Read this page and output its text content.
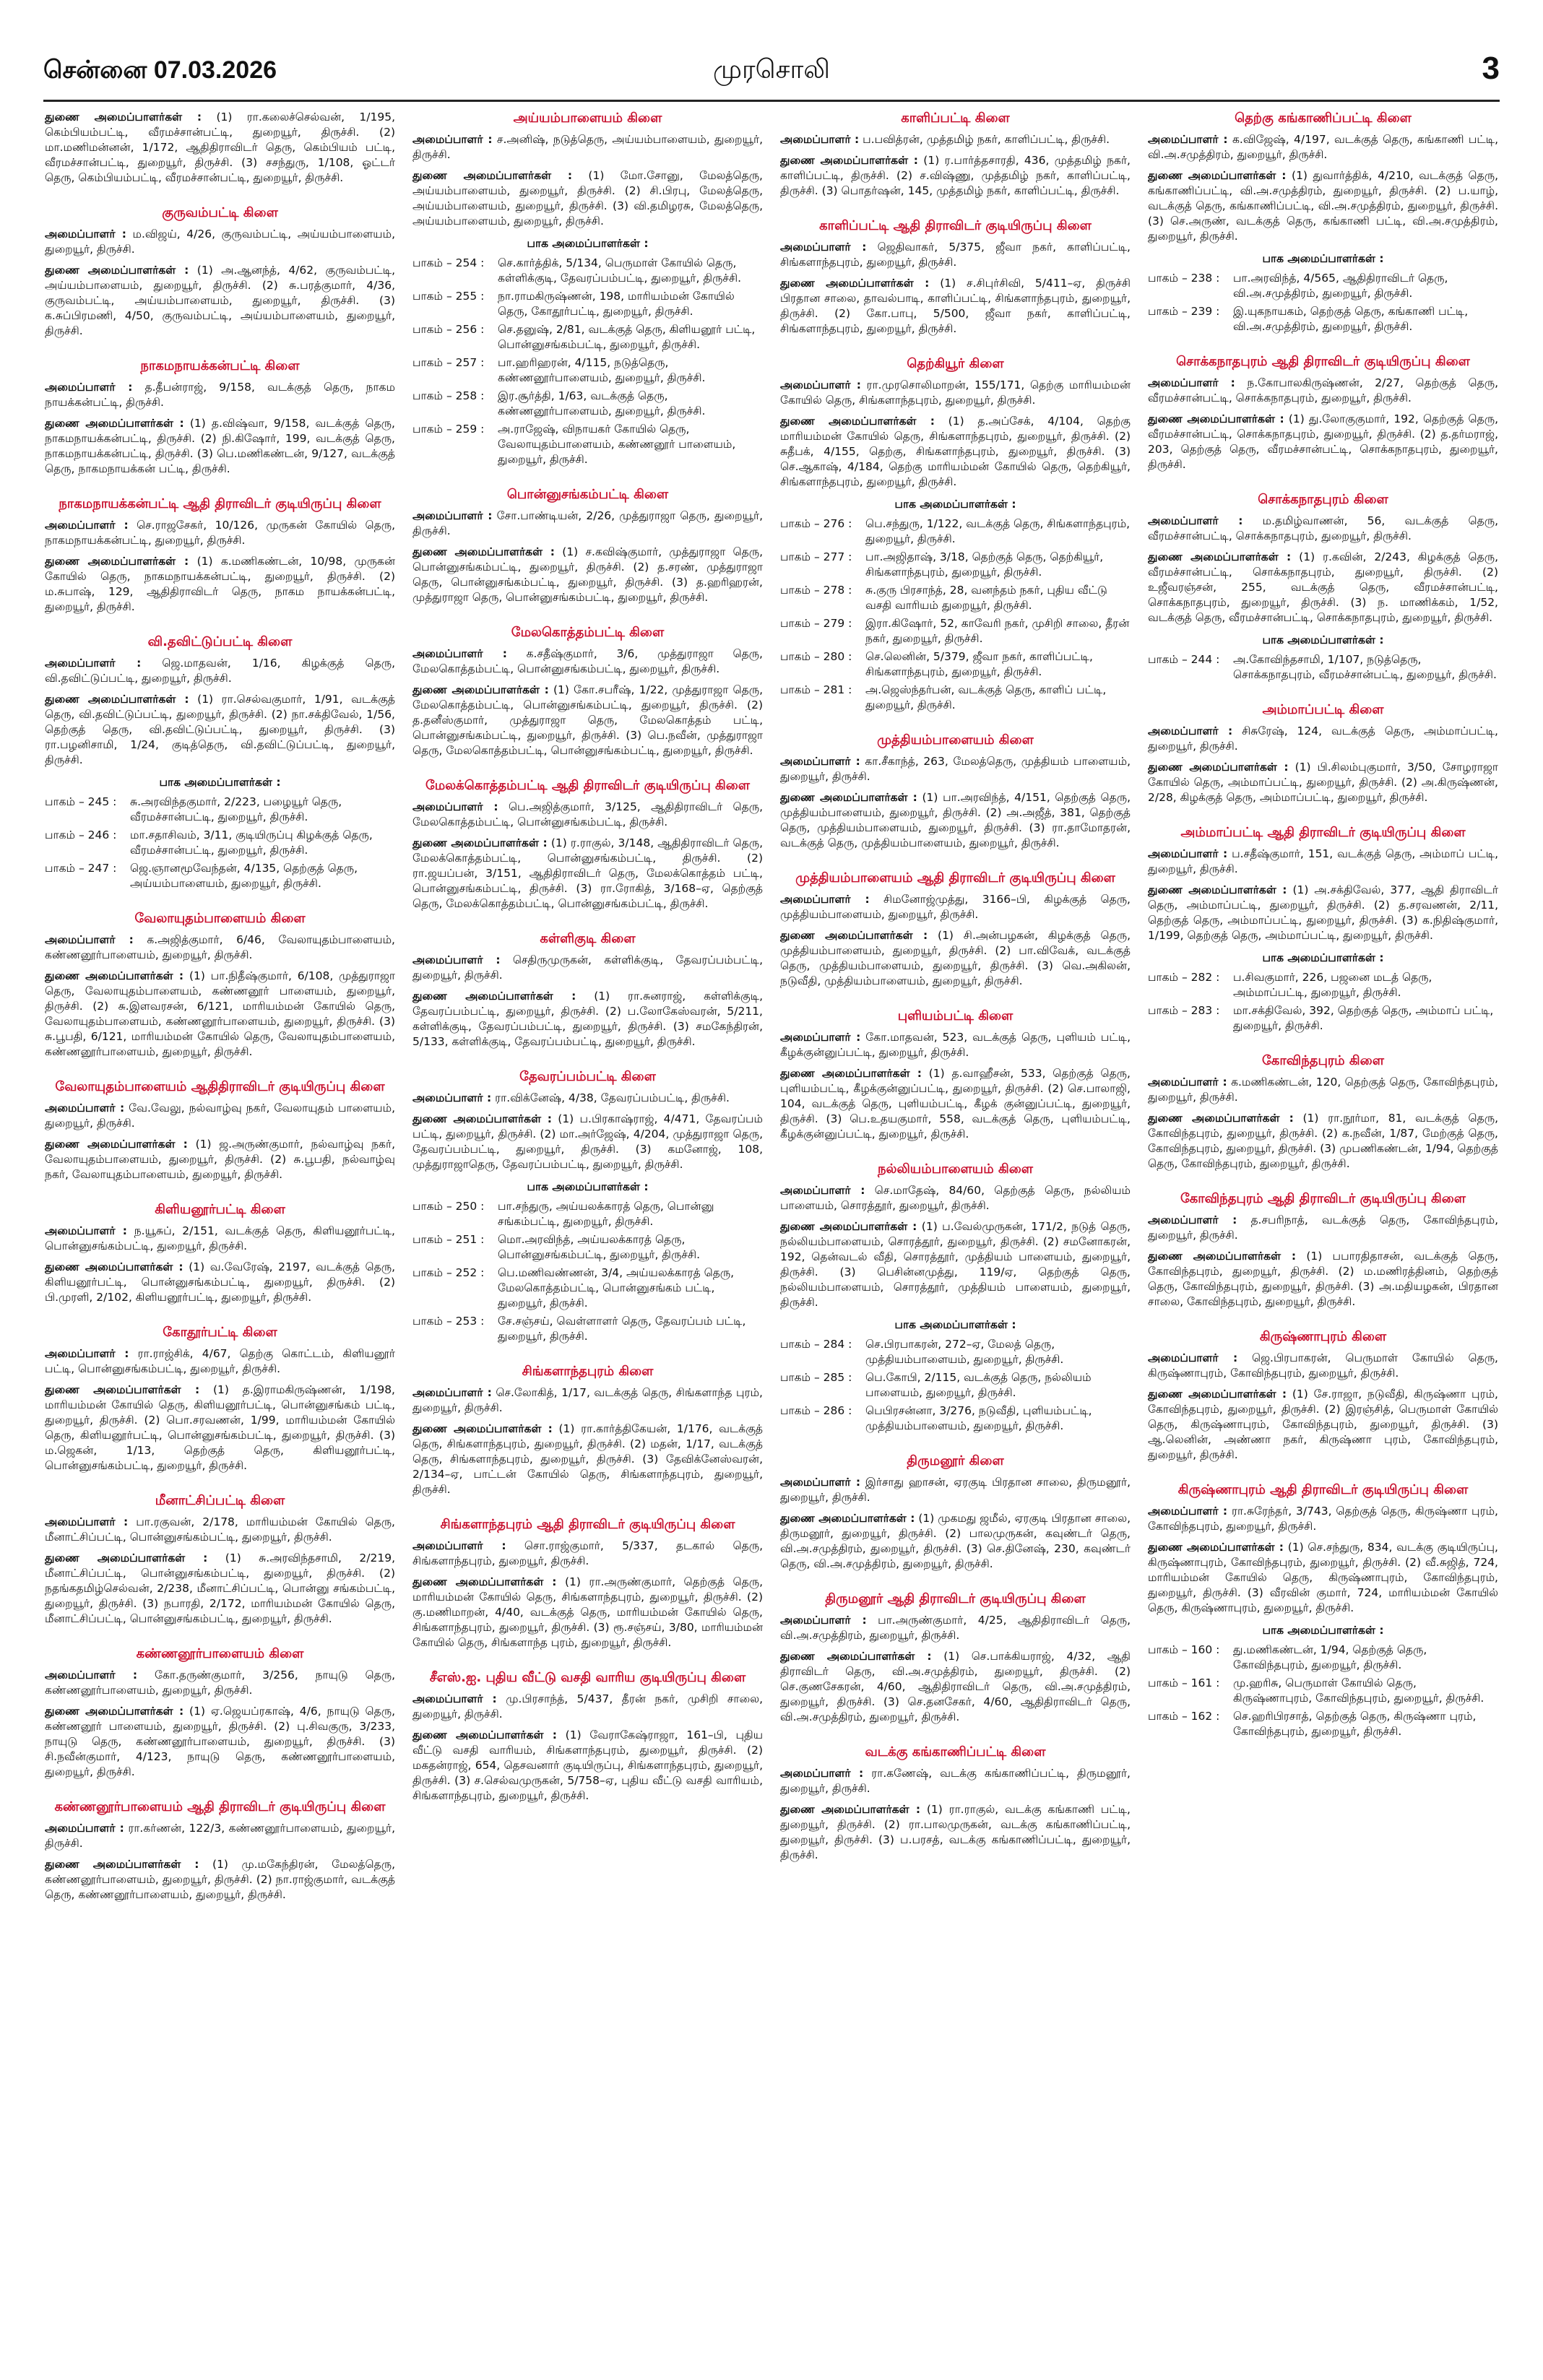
சென்னை 07.03.2026	முரசொலி	3

துணை அமைப்பாளர்கள் : (1) ரா.கலைச்செல்வன், 1/195, கெம்பியம்பட்டி, வீரமச்சான்பட்டி, துறையூர், திருச்சி. (2) மா.மணிமன்னன், 1/172, ஆதிதிராவிடர் தெரு, கெம்பியம் பட்டி, வீரமச்சான்பட்டி, துறையூர், திருச்சி. (3) சசந்துரு, 1/108, ஓட்டர் தெரு, கெம்பியம்பட்டி, வீரமச்சான்பட்டி, துறையூர், திருச்சி.

குருவம்பட்டி கிளை

அமைப்பாளர் : ம.விஜய், 4/26, குருவம்பட்டி, அய்யம்பாளையம், துறையூர், திருச்சி.

துணை அமைப்பாளர்கள் : (1) அ.ஆனந்த், 4/62, குருவம்பட்டி, அய்யம்பாளையம், துறையூர், திருச்சி. (2) சு.பரத்குமார், 4/36, குருவம்பட்டி, அய்யம்பாளையம், துறையூர், திருச்சி. (3) க.சுப்பிரமணி, 4/50, குருவம்பட்டி, அய்யம்பாளையம், துறையூர், திருச்சி.

நாகமநாயக்கன்பட்டி கிளை

அமைப்பாளர் : த.தீபன்ராஜ், 9/158, வடக்குத் தெரு, நாகம நாயக்கன்பட்டி, திருச்சி.

துணை அமைப்பாளர்கள் : (1) த.விஷ்வா, 9/158, வடக்குத் தெரு, நாகமநாயக்கன்பட்டி, திருச்சி. (2) நி.கிஷோர், 199, வடக்குத் தெரு, நாகமநாயக்கன்பட்டி, திருச்சி. (3) பெ.மணிகண்டன், 9/127, வடக்குத் தெரு, நாகமநாயக்கன் பட்டி, திருச்சி.

நாகமநாயக்கன்பட்டி ஆதி திராவிடர் குடியிருப்பு கிளை

அமைப்பாளர் : செ.ராஜசேகர், 10/126, முருகன் கோயில் தெரு, நாகமநாயக்கன்பட்டி, துறையூர், திருச்சி.

துணை அமைப்பாளர்கள் : (1) க.மணிகண்டன், 10/98, முருகன் கோயில் தெரு, நாகமநாயக்கன்பட்டி, துறையூர், திருச்சி. (2) ம.சுபாஷ், 129, ஆதிதிராவிடர் தெரு, நாகம நாயக்கன்பட்டி, துறையூர், திருச்சி.

வி.தவிட்டுப்பட்டி கிளை

அமைப்பாளர் : ஜெ.மாதவன், 1/16, கிழக்குத் தெரு, வி.தவிட்டுப்பட்டி, துறையூர், திருச்சி.

துணை அமைப்பாளர்கள் : (1) ரா.செல்வகுமார், 1/91, வடக்குத் தெரு, வி.தவிட்டுப்பட்டி, துறையூர், திருச்சி. (2) நா.சக்திவேல், 1/56, தெற்குத் தெரு, வி.தவிட்டுப்பட்டி, துறையூர், திருச்சி. (3) ரா.பழனிசாமி, 1/24, குடித்தெரு, வி.தவிட்டுப்பட்டி, துறையூர், திருச்சி.

பாக அமைப்பாளர்கள் :
பாகம் – 245 :	சு.அரவிந்தகுமார், 2/223, பழையூர் தெரு, வீரமச்சான்பட்டி, துறையூர், திருச்சி.
பாகம் – 246 :	மா.சதாசிவம், 3/11, குடியிருப்பு கிழக்குத் தெரு, வீரமச்சான்பட்டி, துறையூர், திருச்சி.
பாகம் – 247 :	ஜெ.ஞானமூவேந்தன், 4/135, தெற்குத் தெரு, அய்யம்பாளையம், துறையூர், திருச்சி.
வேலாயுதம்பாளையம் கிளை

அமைப்பாளர் : க.அஜித்குமார், 6/46, வேலாயுதம்பாளையம், கண்ணனூர்பாளையம், துறையூர், திருச்சி.

துணை அமைப்பாளர்கள் : (1) பா.நிதீஷ்குமார், 6/108, முத்துராஜா தெரு, வேலாயுதம்பாளையம், கண்ணனூர் பாளையம், துறையூர், திருச்சி. (2) சு.இளவரசன், 6/121, மாரியம்மன் கோயில் தெரு, வேலாயுதம்பாளையம், கண்ணனூர்பாளையம், துறையூர், திருச்சி. (3) சு.பூபதி, 6/121, மாரியம்மன் கோயில் தெரு, வேலாயுதம்பாளையம், கண்ணனூர்பாளையம், துறையூர், திருச்சி.

வேலாயுதம்பாளையம் ஆதிதிராவிடர் குடியிருப்பு கிளை

அமைப்பாளர் : வே.வேலு, நல்வாழ்வு நகர், வேலாயுதம் பாளையம், துறையூர், திருச்சி.

துணை அமைப்பாளர்கள் : (1) ஜ.அருண்குமார், நல்வாழ்வு நகர், வேலாயுதம்பாளையம், துறையூர், திருச்சி. (2) சு.பூபதி, நல்வாழ்வு நகர், வேலாயுதம்பாளையம், துறையூர், திருச்சி.

கிளியனூர்பட்டி கிளை

அமைப்பாளர் : ந.யூசுப், 2/151, வடக்குத் தெரு, கிளியனூர்பட்டி, பொன்னுசங்கம்பட்டி, துறையூர், திருச்சி.

துணை அமைப்பாளர்கள் : (1) வ.வேரேஷ், 2197, வடக்குத் தெரு, கிளியனூர்பட்டி, பொன்னுசங்கம்பட்டி, துறையூர், திருச்சி. (2) பி.முரளி, 2/102, கிளியனூர்பட்டி, துறையூர், திருச்சி.

கோதூர்பட்டி கிளை

அமைப்பாளர் : ரா.ராஜ்சிக், 4/67, தெற்கு கொட்டம், கிளியனூர் பட்டி, பொன்னுசங்கம்பட்டி, துறையூர், திருச்சி.

துணை அமைப்பாளர்கள் : (1) த.இராமகிருஷ்ணன், 1/198, மாரியம்மன் கோயில் தெரு, கிளியனூர்பட்டி, பொன்னுசங்கம் பட்டி, துறையூர், திருச்சி. (2) பொ.சரவணன், 1/99, மாரியம்மன் கோயில் தெரு, கிளியனூர்பட்டி, பொன்னுசங்கம்பட்டி, துறையூர், திருச்சி. (3) ம.ஜெகன், 1/13, தெற்குத் தெரு, கிளியனூர்பட்டி, பொன்னுசங்கம்பட்டி, துறையூர், திருச்சி.

மீனாட்சிப்பட்டி கிளை

அமைப்பாளர் : பா.ரகுவன், 2/178, மாரியம்மன் கோயில் தெரு, மீனாட்சிப்பட்டி, பொன்னுசங்கம்பட்டி, துறையூர், திருச்சி.

துணை அமைப்பாளர்கள் : (1) சு.அரவிந்தசாமி, 2/219, மீனாட்சிப்பட்டி, பொன்னுசங்கம்பட்டி, துறையூர், திருச்சி. (2) நதங்கதமிழ்செல்வன், 2/238, மீனாட்சிப்பட்டி, பொன்னு சங்கம்பட்டி, துறையூர், திருச்சி. (3) நபாரதி, 2/172, மாரியம்மன் கோயில் தெரு, மீனாட்சிப்பட்டி, பொன்னுசங்கம்பட்டி, துறையூர், திருச்சி.

கண்ணனூர்பாளையம் கிளை

அமைப்பாளர் : கோ.தருண்குமார், 3/256, நாயுடு தெரு, கண்ணனூர்பாளையம், துறையூர், திருச்சி.

துணை அமைப்பாளர்கள் : (1) ஏ.ஜெயப்ரகாஷ், 4/6, நாயுடு தெரு, கண்ணனூர் பாளையம், துறையூர், திருச்சி. (2) பு.சிவகுரு, 3/233, நாயுடு தெரு, கண்ணனூர்பாளையம், துறையூர், திருச்சி. (3) சி.நவீன்குமார், 4/123, நாயுடு தெரு, கண்ணனூர்பாளையம், துறையூர், திருச்சி.

கண்ணனூர்பாளையம் ஆதி திராவிடர் குடியிருப்பு கிளை

அமைப்பாளர் : ரா.கர்ணன், 122/3, கண்ணனூர்பாளையம், துறையூர், திருச்சி.

துணை அமைப்பாளர்கள் : (1) மு.மகேந்திரன், மேலத்தெரு, கண்ணனூர்பாளையம், துறையூர், திருச்சி. (2) நா.ராஜ்குமார், வடக்குத் தெரு, கண்ணனூர்பாளையம், துறையூர், திருச்சி.

அய்யம்பாளையம் கிளை

அமைப்பாளர் : ச.அனிஷ், நடுத்தெரு, அய்யம்பாளையம், துறையூர், திருச்சி.

துணை அமைப்பாளர்கள் : (1) மோ.சோனு, மேலத்தெரு, அய்யம்பாளையம், துறையூர், திருச்சி. (2) சி.பிரபு, மேலத்தெரு, அய்யம்பாளையம், துறையூர், திருச்சி. (3) வி.தமிழரசு, மேலத்தெரு, அய்யம்பாளையம், துறையூர், திருச்சி.

பாக அமைப்பாளர்கள் :
பாகம் – 254 :	செ.கார்த்திக், 5/134, பெருமாள் கோயில் தெரு, கள்ளிக்குடி, தேவரப்பம்பட்டி, துறையூர், திருச்சி.
பாகம் – 255 :	நா.ராமகிருஷ்ணன், 198, மாரியம்மன் கோயில் தெரு, கோதூர்பட்டி, துறையூர், திருச்சி.
பாகம் – 256 :	செ.தனுஷ், 2/81, வடக்குத் தெரு, கிளியனூர் பட்டி, பொன்னுசங்கம்பட்டி, துறையூர், திருச்சி.
பாகம் – 257 :	பா.ஹரிஹரன், 4/115, நடுத்தெரு, கண்ணனூர்பாளையம், துறையூர், திருச்சி.
பாகம் – 258 :	இர.சூர்த்தி, 1/63, வடக்குத் தெரு, கண்ணனூர்பாளையம், துறையூர், திருச்சி.
பாகம் – 259 :	அ.ராஜேஷ், விநாயகர் கோயில் தெரு, வேலாயுதம்பாளையம், கண்ணனூர் பாளையம், துறையூர், திருச்சி.
பொன்னுசங்கம்பட்டி கிளை

அமைப்பாளர் : சோ.பாண்டியன், 2/26, முத்துராஜா தெரு, துறையூர், திருச்சி.

துணை அமைப்பாளர்கள் : (1) ச.கவிஷ்குமார், முத்துராஜா தெரு, பொன்னுசங்கம்பட்டி, துறையூர், திருச்சி. (2) த.சரண், முத்துராஜா தெரு, பொன்னுசங்கம்பட்டி, துறையூர், திருச்சி. (3) த.ஹரிஹரன், முத்துராஜா தெரு, பொன்னுசங்கம்பட்டி, துறையூர், திருச்சி.

மேலகொத்தம்பட்டி கிளை

அமைப்பாளர் : க.சதீஷ்குமார், 3/6, முத்துராஜா தெரு, மேலகொத்தம்பட்டி, பொன்னுசங்கம்பட்டி, துறையூர், திருச்சி.

துணை அமைப்பாளர்கள் : (1) கோ.சபரீஷ், 1/22, முத்துராஜா தெரு, மேலகொத்தம்பட்டி, பொன்னுசங்கம்பட்டி, துறையூர், திருச்சி. (2) த.தனீஸ்குமார், முத்துராஜா தெரு, மேலகொத்தம் பட்டி, பொன்னுசங்கம்பட்டி, துறையூர், திருச்சி. (3) பெ.நவீன், முத்துராஜா தெரு, மேலகொத்தம்பட்டி, பொன்னுசங்கம்பட்டி, துறையூர், திருச்சி.

மேலக்கொத்தம்பட்டி ஆதி திராவிடர் குடியிருப்பு கிளை

அமைப்பாளர் : பெ.அஜித்குமார், 3/125, ஆதிதிராவிடர் தெரு, மேலகொத்தம்பட்டி, பொன்னுசங்கம்பட்டி, திருச்சி.

துணை அமைப்பாளர்கள் : (1) ர.ராகுல், 3/148, ஆதிதிராவிடர் தெரு, மேலக்கொத்தம்பட்டி, பொன்னுசங்கம்பட்டி, திருச்சி. (2) ரா.ஜயப்பன், 3/151, ஆதிதிராவிடர் தெரு, மேலக்கொத்தம் பட்டி, பொன்னுசங்கம்பட்டி, திருச்சி. (3) ரா.ரோகித், 3/168–ஏ, தெற்குத் தெரு, மேலக்கொத்தம்பட்டி, பொன்னுசங்கம்பட்டி, திருச்சி.

கள்ளிகுடி கிளை

அமைப்பாளர் : செதிருமுருகன், கள்ளிக்குடி, தேவரப்பம்பட்டி, துறையூர், திருச்சி.

துணை அமைப்பாளர்கள் : (1) ரா.சுனராஜ், கள்ளிக்குடி, தேவரப்பம்பட்டி, துறையூர், திருச்சி. (2) ப.லோகேஸ்வரன், 5/211, கள்ளிக்குடி, தேவரப்பம்பட்டி, துறையூர், திருச்சி. (3) சமகேந்திரன், 5/133, கள்ளிக்குடி, தேவரப்பம்பட்டி, துறையூர், திருச்சி.

தேவரப்பம்பட்டி கிளை

அமைப்பாளர் : ரா.விக்னேஷ், 4/38, தேவரப்பம்பட்டி, திருச்சி.

துணை அமைப்பாளர்கள் : (1) ப.பிரகாஷ்ராஜ், 4/471, தேவரப்பம் பட்டி, துறையூர், திருச்சி. (2) மா.அர்ஜேஷ், 4/204, முத்துராஜா தெரு, தேவரப்பம்பட்டி, துறையூர், திருச்சி. (3) கமனோஜ், 108, முத்துராஜாதெரு, தேவரப்பம்பட்டி, துறையூர், திருச்சி.

பாக அமைப்பாளர்கள் :
பாகம் – 250 :	பா.சந்துரு, அய்யலக்காரத் தெரு, பொன்னு சங்கம்பட்டி, துறையூர், திருச்சி.
பாகம் – 251 :	மொ.அரவிந்த், அய்யலக்காரத் தெரு, பொன்னுசங்கம்பட்டி, துறையூர், திருச்சி.
பாகம் – 252 :	பெ.மணிவண்ணன், 3/4, அய்யலக்காரத் தெரு, மேலகொத்தம்பட்டி, பொன்னுசங்கம் பட்டி, துறையூர், திருச்சி.
பாகம் – 253 :	சே.சஞ்சய், வெள்ளாளர் தெரு, தேவரப்பம் பட்டி, துறையூர், திருச்சி.
சிங்களாந்தபுரம் கிளை

அமைப்பாளர் : செ.லோகித், 1/17, வடக்குத் தெரு, சிங்களாந்த புரம், துறையூர், திருச்சி.

துணை அமைப்பாளர்கள் : (1) ரா.கார்த்திகேயன், 1/176, வடக்குத் தெரு, சிங்களாந்தபுரம், துறையூர், திருச்சி. (2) மதன், 1/17, வடக்குத் தெரு, சிங்களாந்தபுரம், துறையூர், திருச்சி. (3) தேவிக்னேஸ்வரன், 2/134–ஏ, பாட்டன் கோயில் தெரு, சிங்களாந்தபுரம், துறையூர், திருச்சி.

சிங்களாந்தபுரம் ஆதி திராவிடர் குடியிருப்பு கிளை

அமைப்பாளர் : சொ.ராஜ்குமார், 5/337, தடகால் தெரு, சிங்களாந்தபுரம், துறையூர், திருச்சி.

துணை அமைப்பாளர்கள் : (1) ரா.அருண்குமார், தெற்குத் தெரு, மாரியம்மன் கோயில் தெரு, சிங்களாந்தபுரம், துறையூர், திருச்சி. (2) கு.மணிமாறன், 4/40, வடக்குத் தெரு, மாரியம்மன் கோயில் தெரு, சிங்களாந்தபுரம், துறையூர், திருச்சி. (3) ரூ.சஞ்சய், 3/80, மாரியம்மன் கோயில் தெரு, சிங்களாந்த புரம், துறையூர், திருச்சி.

சீஎஸ்.ஐ. புதிய வீட்டு வசதி வாரிய குடியிருப்பு கிளை

அமைப்பாளர் : மு.பிரசாந்த், 5/437, தீரன் நகர், முசிறி சாலை, துறையூர், திருச்சி.

துணை அமைப்பாளர்கள் : (1) வேராகேஷ்ராஜா, 161–பி, புதிய வீட்டு வசதி வாரியம், சிங்களாந்தபுரம், துறையூர், திருச்சி. (2) மகதன்ராஜ், 654, தெசவனார் குடியிருப்பு, சிங்களாந்தபுரம், துறையூர், திருச்சி. (3) ச.செல்வமுருகன், 5/758–ஏ, புதிய வீட்டு வசதி வாரியம், சிங்களாந்தபுரம், துறையூர், திருச்சி.

காளிப்பட்டி கிளை

அமைப்பாளர் : ப.பவித்ரன், முத்தமிழ் நகர், காளிப்பட்டி, திருச்சி.

துணை அமைப்பாளர்கள் : (1) ர.பார்த்தசாரதி, 436, முத்தமிழ் நகர், காளிப்பட்டி, திருச்சி. (2) ச.விஷ்ணு, முத்தமிழ் நகர், காளிப்பட்டி, திருச்சி. (3) பொதர்ஷன், 145, முத்தமிழ் நகர், காளிப்பட்டி, திருச்சி.

காளிப்பட்டி ஆதி திராவிடர் குடியிருப்பு கிளை

அமைப்பாளர் : ஜெதிவாகர், 5/375, ஜீவா நகர், காளிப்பட்டி, சிங்களாந்தபுரம், துறையூர், திருச்சி.

துணை அமைப்பாளர்கள் : (1) ச.சிபுர்சிவி, 5/411–ஏ, திருச்சி பிரதான சாலை, தாவல்பாடி, காளிப்பட்டி, சிங்களாந்தபுரம், துறையூர், திருச்சி. (2) கோ.பாபு, 5/500, ஜீவா நகர், காளிப்பட்டி, சிங்களாந்தபுரம், துறையூர், திருச்சி.

தெற்கியூர் கிளை

அமைப்பாளர் : ரா.முரசொலிமாறன், 155/171, தெற்கு மாரியம்மன் கோயில் தெரு, சிங்களாந்தபுரம், துறையூர், திருச்சி.

துணை அமைப்பாளர்கள் : (1) த.அப்சேக், 4/104, தெற்கு மாரியம்மன் கோயில் தெரு, சிங்களாந்தபுரம், துறையூர், திருச்சி. (2) சுதீபக், 4/155, தெற்கு, சிங்களாந்தபுரம், துறையூர், திருச்சி. (3) செ.ஆகாஷ், 4/184, தெற்கு மாரியம்மன் கோயில் தெரு, தெற்கியூர், சிங்களாந்தபுரம், துறையூர், திருச்சி.

பாக அமைப்பாளர்கள் :
பாகம் – 276 :	பெ.சந்துரு, 1/122, வடக்குத் தெரு, சிங்களாந்தபுரம், துறையூர், திருச்சி.
பாகம் – 277 :	பா.அஜிதாஷ், 3/18, தெற்குத் தெரு, தெற்கியூர், சிங்களாந்தபுரம், துறையூர், திருச்சி.
பாகம் – 278 :	சு.குரு பிரசாந்த், 28, வனந்தம் நகர், புதிய வீட்டு வசதி வாரியம் துறையூர், திருச்சி.
பாகம் – 279 :	இரா.கிஷோர், 52, காவேரி நகர், முசிறி சாலை, தீரன் நகர், துறையூர், திருச்சி.
பாகம் – 280 :	செ.லெனின், 5/379, ஜீவா நகர், காளிப்பட்டி, சிங்களாந்தபுரம், துறையூர், திருச்சி.
பாகம் – 281 :	அ.ஜெஸ்ந்தர்பன், வடக்குத் தெரு, காளிப் பட்டி, துறையூர், திருச்சி.
முத்தியம்பாளையம் கிளை

அமைப்பாளர் : கா.சீகாந்த், 263, மேலத்தெரு, முத்தியம் பாளையம், துறையூர், திருச்சி.

துணை அமைப்பாளர்கள் : (1) பா.அரவிந்த், 4/151, தெற்குத் தெரு, முத்தியம்பாளையம், துறையூர், திருச்சி. (2) அ.அஜீத், 381, தெற்குத் தெரு, முத்தியம்பாளையம், துறையூர், திருச்சி. (3) ரா.தாமோதரன், வடக்குத் தெரு, முத்தியம்பாளையம், துறையூர், திருச்சி.

முத்தியம்பாளையம் ஆதி திராவிடர் குடியிருப்பு கிளை

அமைப்பாளர் : சிமனோஜ்முத்து, 3166–பி, கிழக்குத் தெரு, முத்தியம்பாளையம், துறையூர், திருச்சி.

துணை அமைப்பாளர்கள் : (1) சி.அன்பழகன், கிழக்குத் தெரு, முத்தியம்பாளையம், துறையூர், திருச்சி. (2) பா.விவேக், வடக்குத் தெரு, முத்தியம்பாளையம், துறையூர், திருச்சி. (3) வெ.அகிலன், நடுவீதி, முத்தியம்பாளையம், துறையூர், திருச்சி.

புளியம்பட்டி கிளை

அமைப்பாளர் : கோ.மாதவன், 523, வடக்குத் தெரு, புளியம் பட்டி, கீழக்குன்னுப்பட்டி, துறையூர், திருச்சி.

துணை அமைப்பாளர்கள் : (1) த.வாஹீசன், 533, தெற்குத் தெரு, புளியம்பட்டி, கீழக்குன்னுப்பட்டி, துறையூர், திருச்சி. (2) செ.பாலாஜி, 104, வடக்குத் தெரு, புளியம்பட்டி, கீழக் குன்னுப்பட்டி, துறையூர், திருச்சி. (3) பெ.உதயகுமார், 558, வடக்குத் தெரு, புளியம்பட்டி, கீழக்குன்னுப்பட்டி, துறையூர், திருச்சி.

நல்லியம்பாளையம் கிளை

அமைப்பாளர் : செ.மாதேஷ், 84/60, தெற்குத் தெரு, நல்லியம் பாளையம், சொரத்தூர், துறையூர், திருச்சி.

துணை அமைப்பாளர்கள் : (1) ப.வேல்முருகன், 171/2, நடுத் தெரு, நல்லியம்பாளையம், சொரத்தூர், துறையூர், திருச்சி. (2) சமனோகரன், 192, தென்வடல் வீதி, சொரத்தூர், முத்தியம் பாளையம், துறையூர், திருச்சி. (3) பெசின்னமுத்து, 119/ஏ, தெற்குத் தெரு, நல்லியம்பாளையம், சொரத்தூர், முத்தியம் பாளையம், துறையூர், திருச்சி.

பாக அமைப்பாளர்கள் :
பாகம் – 284 :	செ.பிரபாகரன், 272–ஏ, மேலத் தெரு, முத்தியம்பாளையம், துறையூர், திருச்சி.
பாகம் – 285 :	பெ.கோபி, 2/115, வடக்குத் தெரு, நல்லியம் பாளையம், துறையூர், திருச்சி.
பாகம் – 286 :	பெபிரசன்னா, 3/276, நடுவீதி, புளியம்பட்டி, முத்தியம்பாளையம், துறையூர், திருச்சி.
திருமனூர் கிளை

அமைப்பாளர் : இர்சாது ஹாசன், ஏரகுடி பிரதான சாலை, திருமனூர், துறையூர், திருச்சி.

துணை அமைப்பாளர்கள் : (1) முகமது ஜமீல், ஏரகுடி பிரதான சாலை, திருமனூர், துறையூர், திருச்சி. (2) பாலமுருகன், கவுண்டர் தெரு, வி.அ.சமுத்திரம், துறையூர், திருச்சி. (3) செ.தினேஷ், 230, கவுண்டர் தெரு, வி.அ.சமுத்திரம், துறையூர், திருச்சி.

திருமனூர் ஆதி திராவிடர் குடியிருப்பு கிளை

அமைப்பாளர் : பா.அருண்குமார், 4/25, ஆதிதிராவிடர் தெரு, வி.அ.சமுத்திரம், துறையூர், திருச்சி.

துணை அமைப்பாளர்கள் : (1) செ.பாக்கியராஜ், 4/32, ஆதி திராவிடர் தெரு, வி.அ.சமுத்திரம், துறையூர், திருச்சி. (2) செ.குணசேகரன், 4/60, ஆதிதிராவிடர் தெரு, வி.அ.சமுத்திரம், துறையூர், திருச்சி. (3) செ.தனசேகர், 4/60, ஆதிதிராவிடர் தெரு, வி.அ.சமுத்திரம், துறையூர், திருச்சி.

வடக்கு கங்காணிப்பட்டி கிளை

அமைப்பாளர் : ரா.கணேஷ், வடக்கு கங்காணிப்பட்டி, திருமனூர், துறையூர், திருச்சி.

துணை அமைப்பாளர்கள் : (1) ரா.ராகுல், வடக்கு கங்காணி பட்டி, துறையூர், திருச்சி. (2) ரா.பாலமுருகன், வடக்கு கங்காணிப்பட்டி, துறையூர், திருச்சி. (3) ப.பரசத், வடக்கு கங்காணிப்பட்டி, துறையூர், திருச்சி.

தெற்கு கங்காணிப்பட்டி கிளை

அமைப்பாளர் : க.விஜேஷ், 4/197, வடக்குத் தெரு, கங்காணி பட்டி, வி.அ.சமுத்திரம், துறையூர், திருச்சி.

துணை அமைப்பாளர்கள் : (1) துவார்த்திக், 4/210, வடக்குத் தெரு, கங்காணிப்பட்டி, வி.அ.சமுத்திரம், துறையூர், திருச்சி. (2) ப.யாழ், வடக்குத் தெரு, கங்காணிப்பட்டி, வி.அ.சமுத்திரம், துறையூர், திருச்சி. (3) செ.அருண், வடக்குத் தெரு, கங்காணி பட்டி, வி.அ.சமுத்திரம், துறையூர், திருச்சி.

பாக அமைப்பாளர்கள் :
பாகம் – 238 :	பா.அரவிந்த், 4/565, ஆதிதிராவிடர் தெரு, வி.அ.சமுத்திரம், துறையூர், திருச்சி.
பாகம் – 239 :	இ.யுகநாயகம், தெற்குத் தெரு, கங்காணி பட்டி, வி.அ.சமுத்திரம், துறையூர், திருச்சி.
சொக்கநாதபுரம் ஆதி திராவிடர் குடியிருப்பு கிளை

அமைப்பாளர் : ந.கோபாலகிருஷ்ணன், 2/27, தெற்குத் தெரு, வீரமச்சான்பட்டி, சொக்கநாதபுரம், துறையூர், திருச்சி.

துணை அமைப்பாளர்கள் : (1) து.லோகுகுமார், 192, தெற்குத் தெரு, வீரமச்சான்பட்டி, சொக்கநாதபுரம், துறையூர், திருச்சி. (2) த.தர்மராஜ், 203, தெற்குத் தெரு, வீரமச்சான்பட்டி, சொக்கநாதபுரம், துறையூர், திருச்சி.

சொக்கநாதபுரம் கிளை

அமைப்பாளர் : ம.தமிழ்வாணன், 56, வடக்குத் தெரு, வீரமச்சான்பட்டி, சொக்கநாதபுரம், துறையூர், திருச்சி.

துணை அமைப்பாளர்கள் : (1) ர.கவின், 2/243, கிழக்குத் தெரு, வீரமச்சான்பட்டி, சொக்கநாதபுரம், துறையூர், திருச்சி. (2) உஜீவரஞ்சன், 255, வடக்குத் தெரு, வீரமச்சான்பட்டி, சொக்கநாதபுரம், துறையூர், திருச்சி. (3) ந. மாணிக்கம், 1/52, வடக்குத் தெரு, வீரமச்சான்பட்டி, சொக்கநாதபுரம், துறையூர், திருச்சி.

பாக அமைப்பாளர்கள் :
பாகம் – 244 :	அ.கோவிந்தசாமி, 1/107, நடுத்தெரு, சொக்கநாதபுரம், வீரமச்சான்பட்டி, துறையூர், திருச்சி.
அம்மாப்பட்டி கிளை

அமைப்பாளர் : சிசுரேஷ், 124, வடக்குத் தெரு, அம்மாப்பட்டி, துறையூர், திருச்சி.

துணை அமைப்பாளர்கள் : (1) பி.சிலம்புகுமார், 3/50, சோழராஜா கோயில் தெரு, அம்மாப்பட்டி, துறையூர், திருச்சி. (2) அ.கிருஷ்ணன், 2/28, கிழக்குத் தெரு, அம்மாப்பட்டி, துறையூர், திருச்சி.

அம்மாப்பட்டி ஆதி திராவிடர் குடியிருப்பு கிளை

அமைப்பாளர் : ப.சதீஷ்குமார், 151, வடக்குத் தெரு, அம்மாப் பட்டி, துறையூர், திருச்சி.

துணை அமைப்பாளர்கள் : (1) அ.சக்திவேல், 377, ஆதி திராவிடர் தெரு, அம்மாப்பட்டி, துறையூர், திருச்சி. (2) த.சரவணன், 2/11, தெற்குத் தெரு, அம்மாப்பட்டி, துறையூர், திருச்சி. (3) க.நிதிஷ்குமார், 1/199, தெற்குத் தெரு, அம்மாப்பட்டி, துறையூர், திருச்சி.

பாக அமைப்பாளர்கள் :
பாகம் – 282 :	ப.சிவகுமார், 226, பஜனை மடத் தெரு, அம்மாப்பட்டி, துறையூர், திருச்சி.
பாகம் – 283 :	மா.சக்திவேல், 392, தெற்குத் தெரு, அம்மாப் பட்டி, துறையூர், திருச்சி.
கோவிந்தபுரம் கிளை

அமைப்பாளர் : க.மணிகண்டன், 120, தெற்குத் தெரு, கோவிந்தபுரம், துறையூர், திருச்சி.

துணை அமைப்பாளர்கள் : (1) ரா.நூர்மா, 81, வடக்குத் தெரு, கோவிந்தபுரம், துறையூர், திருச்சி. (2) க.நவீன், 1/87, மேற்குத் தெரு, கோவிந்தபுரம், துறையூர், திருச்சி. (3) முபணிகண்டன், 1/94, தெற்குத் தெரு, கோவிந்தபுரம், துறையூர், திருச்சி.

கோவிந்தபுரம் ஆதி திராவிடர் குடியிருப்பு கிளை

அமைப்பாளர் : த.சபரிநாத், வடக்குத் தெரு, கோவிந்தபுரம், துறையூர், திருச்சி.

துணை அமைப்பாளர்கள் : (1) பபாரதிதாசன், வடக்குத் தெரு, கோவிந்தபுரம், துறையூர், திருச்சி. (2) ம.மணிரத்தினம், தெற்குத் தெரு, கோவிந்தபுரம், துறையூர், திருச்சி. (3) அ.மதியழகன், பிரதான சாலை, கோவிந்தபுரம், துறையூர், திருச்சி.

கிருஷ்ணாபுரம் கிளை

அமைப்பாளர் : ஜெ.பிரபாகரன், பெருமாள் கோயில் தெரு, கிருஷ்ணாபுரம், கோவிந்தபுரம், துறையூர், திருச்சி.

துணை அமைப்பாளர்கள் : (1) சே.ராஜா, நடுவீதி, கிருஷ்ணா புரம், கோவிந்தபுரம், துறையூர், திருச்சி. (2) இரஞ்சித், பெருமாள் கோயில் தெரு, கிருஷ்ணாபுரம், கோவிந்தபுரம், துறையூர், திருச்சி. (3) ஆ.லெனின், அண்ணா நகர், கிருஷ்ணா புரம், கோவிந்தபுரம், துறையூர், திருச்சி.

கிருஷ்ணாபுரம் ஆதி திராவிடர் குடியிருப்பு கிளை

அமைப்பாளர் : ரா.சுரேந்தர், 3/743, தெற்குத் தெரு, கிருஷ்ணா புரம், கோவிந்தபுரம், துறையூர், திருச்சி.

துணை அமைப்பாளர்கள் : (1) செ.சந்துரு, 834, வடக்கு குடியிருப்பு, கிருஷ்ணாபுரம், கோவிந்தபுரம், துறையூர், திருச்சி. (2) வீ.சுஜித், 724, மாரியம்மன் கோயில் தெரு, கிருஷ்ணாபுரம், கோவிந்தபுரம், துறையூர், திருச்சி. (3) வீரவின் குமார், 724, மாரியம்மன் கோயில் தெரு, கிருஷ்ணாபுரம், துறையூர், திருச்சி.

பாக அமைப்பாளர்கள் :
பாகம் – 160 :	து.மணிகண்டன், 1/94, தெற்குத் தெரு, கோவிந்தபுரம், துறையூர், திருச்சி.
பாகம் – 161 :	மு.ஹரிசு, பெருமாள் கோயில் தெரு, கிருஷ்ணாபுரம், கோவிந்தபுரம், துறையூர், திருச்சி.
பாகம் – 162 :	செ.ஹரிபிரசாத், தெற்குத் தெரு, கிருஷ்ணா புரம், கோவிந்தபுரம், துறையூர், திருச்சி.
